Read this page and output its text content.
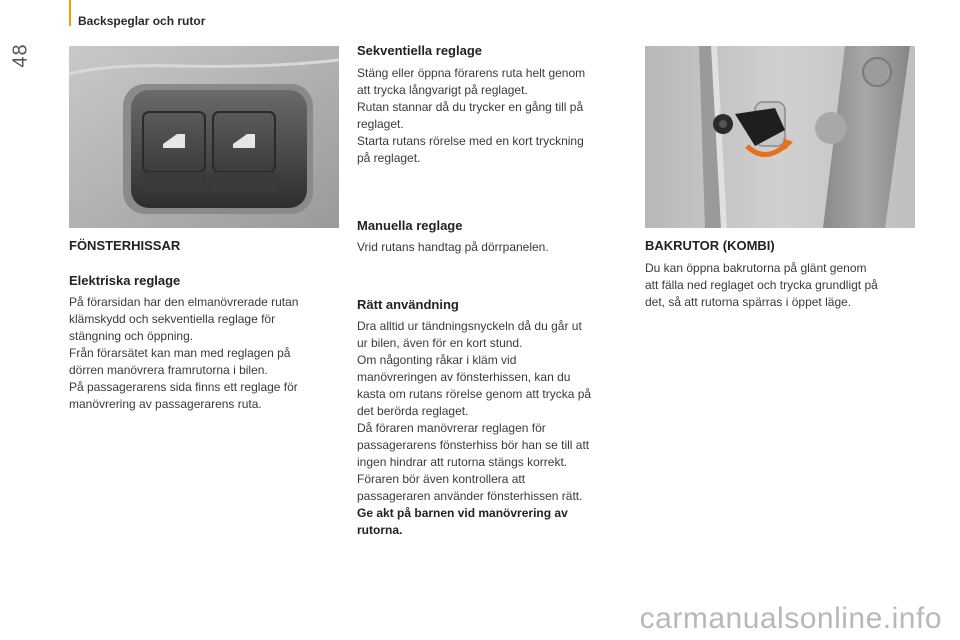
48
Backspeglar och rutor
FÖNSTERHISSAR
Elektriska reglage
På förarsidan har den elmanövrerade rutan
klämskydd och sekventiella reglage för
stängning och öppning.
Från förarsätet kan man med reglagen på
dörren manövrera framrutorna i bilen.
På passagerarens sida finns ett reglage för
manövrering av passagerarens ruta.
Sekventiella reglage
Stäng eller öppna förarens ruta helt genom
att trycka långvarigt på reglaget.
Rutan stannar då du trycker en gång till på
reglaget.
Starta rutans rörelse med en kort tryckning
på reglaget.
Manuella reglage
Vrid rutans handtag på dörrpanelen.
Rätt användning
Dra alltid ur tändningsnyckeln då du går ut
ur bilen, även för en kort stund.
Om någonting råkar i kläm vid
manövreringen av fönsterhissen, kan du
kasta om rutans rörelse genom att trycka på
det berörda reglaget.
Då föraren manövrerar reglagen för
passagerarens fönsterhiss bör han se till att
ingen hindrar att rutorna stängs korrekt.
Föraren bör även kontrollera att
passageraren använder fönsterhissen rätt.
Ge akt på barnen vid manövrering av
rutorna.
BAKRUTOR (KOMBI)
Du kan öppna bakrutorna på glänt genom
att fälla ned reglaget och trycka grundligt på
det, så att rutorna spärras i öppet läge.
carmanualsonline.info
